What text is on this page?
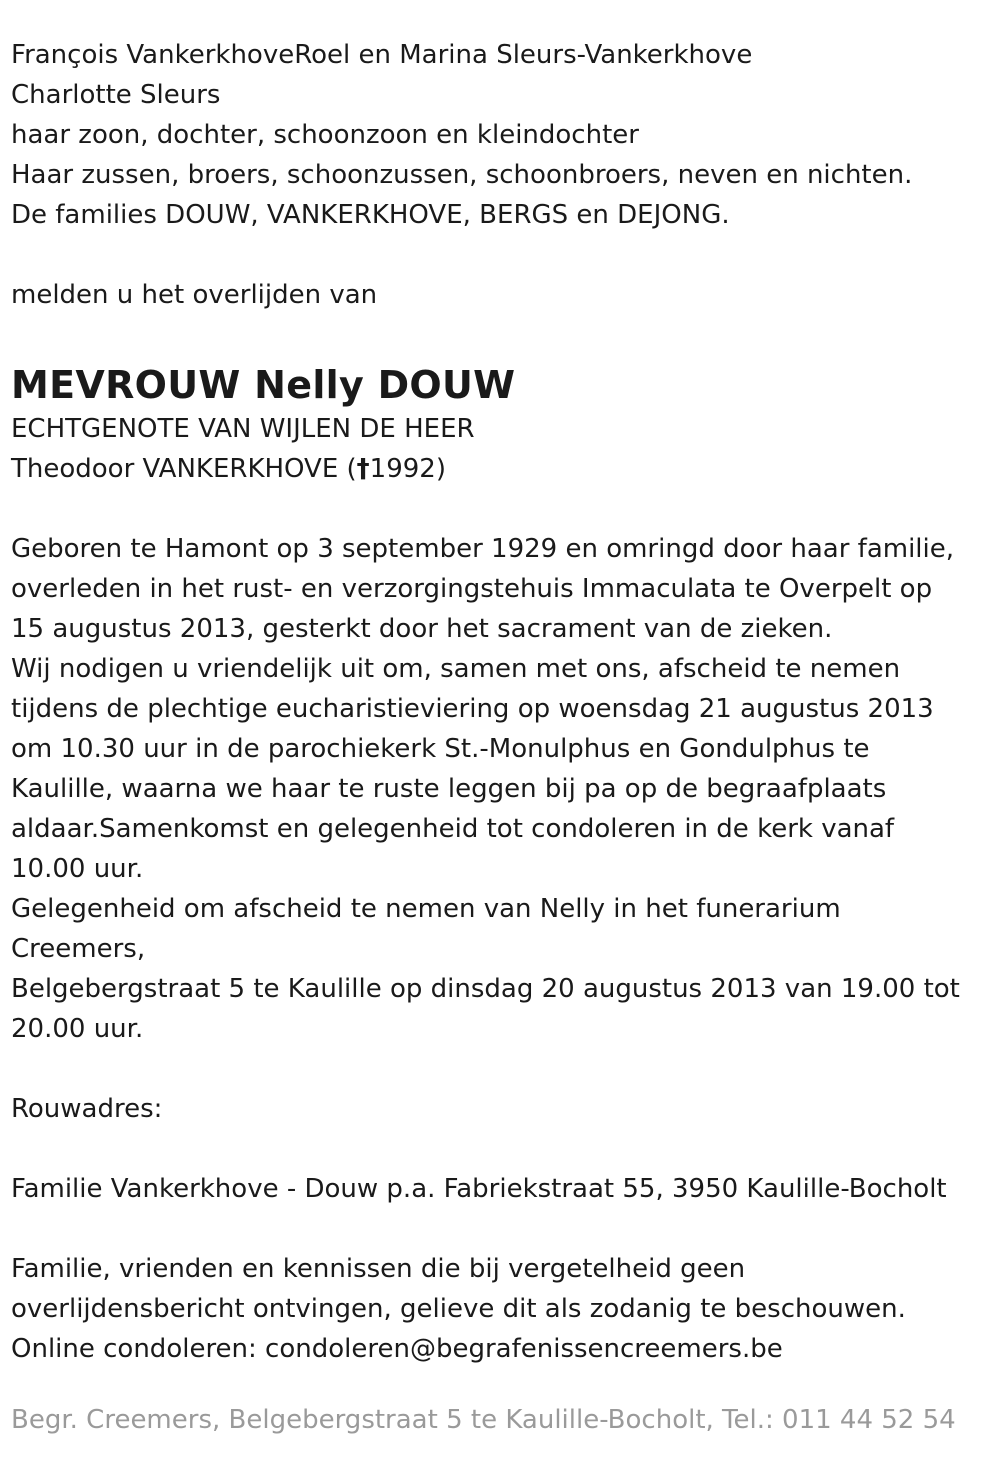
François VankerkhoveRoel en Marina Sleurs-Vankerkhove
Charlotte Sleurs
haar zoon, dochter, schoonzoon en kleindochter
Haar zussen, broers, schoonzussen, schoonbroers, neven en nichten.
De families DOUW, VANKERKHOVE, BERGS en DEJONG.
melden u het overlijden van
MEVROUW Nelly DOUW
ECHTGENOTE VAN WIJLEN DE HEER
Theodoor VANKERKHOVE (†1992)
Geboren te Hamont op 3 september 1929 en omringd door haar familie,
overleden in het rust- en verzorgingstehuis Immaculata te Overpelt op
15 augustus 2013, gesterkt door het sacrament van de zieken.
Wij nodigen u vriendelijk uit om, samen met ons, afscheid te nemen
tijdens de plechtige eucharistieviering op woensdag 21 augustus 2013
om 10.30 uur in de parochiekerk St.-Monulphus en Gondulphus te
Kaulille, waarna we haar te ruste leggen bij pa op de begraafplaats
aldaar.Samenkomst en gelegenheid tot condoleren in de kerk vanaf
10.00 uur.
Gelegenheid om afscheid te nemen van Nelly in het funerarium
Creemers,
Belgebergstraat 5 te Kaulille op dinsdag 20 augustus 2013 van 19.00 tot
20.00 uur.
Rouwadres:
Familie Vankerkhove - Douw p.a. Fabriekstraat 55, 3950 Kaulille-Bocholt
Familie, vrienden en kennissen die bij vergetelheid geen
overlijdensbericht ontvingen, gelieve dit als zodanig te beschouwen.
Online condoleren: condoleren@begrafenissencreemers.be
Begr. Creemers, Belgebergstraat 5 te Kaulille-Bocholt, Tel.: 011 44 52 54
